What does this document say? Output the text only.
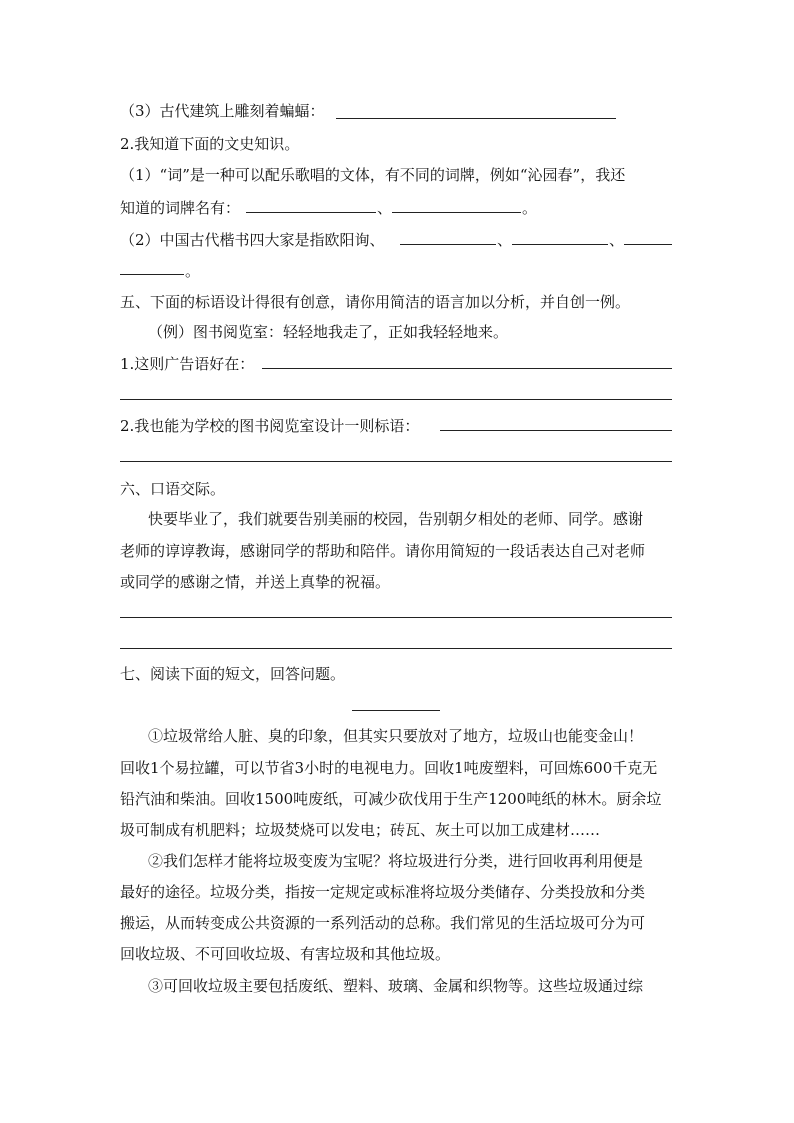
（3）古代建筑上雕刻着蝙蝠：
2.我知道下面的文史知识。
（1）“词”是一种可以配乐歌唱的文体，有不同的词牌，例如“沁园春”，我还
知道的词牌名有：	、	。
（2）中国古代楷书四大家是指欧阳询、	、	、
。
五、下面的标语设计得很有创意，请你用简洁的语言加以分析，并自创一例。
（例）图书阅览室：轻轻地我走了，正如我轻轻地来。
1.这则广告语好在：
2.我也能为学校的图书阅览室设计一则标语：
六、口语交际。
快要毕业了，我们就要告别美丽的校园，告别朝夕相处的老师、同学。感谢
老师的谆谆教诲，感谢同学的帮助和陪伴。请你用简短的一段话表达自己对老师
或同学的感谢之情，并送上真挚的祝福。
七、阅读下面的短文，回答问题。
①垃圾常给人脏、臭的印象，但其实只要放对了地方，垃圾山也能变金山！
回收1个易拉罐，可以节省3小时的电视电力。回收1吨废塑料，可回炼600千克无
铅汽油和柴油。回收1500吨废纸，可减少砍伐用于生产1200吨纸的林木。厨余垃
圾可制成有机肥料；垃圾焚烧可以发电；砖瓦、灰土可以加工成建材……
②我们怎样才能将垃圾变废为宝呢？将垃圾进行分类，进行回收再利用便是
最好的途径。垃圾分类，指按一定规定或标准将垃圾分类储存、分类投放和分类
搬运，从而转变成公共资源的一系列活动的总称。我们常见的生活垃圾可分为可
回收垃圾、不可回收垃圾、有害垃圾和其他垃圾。
③可回收垃圾主要包括废纸、塑料、玻璃、金属和织物等。这些垃圾通过综
